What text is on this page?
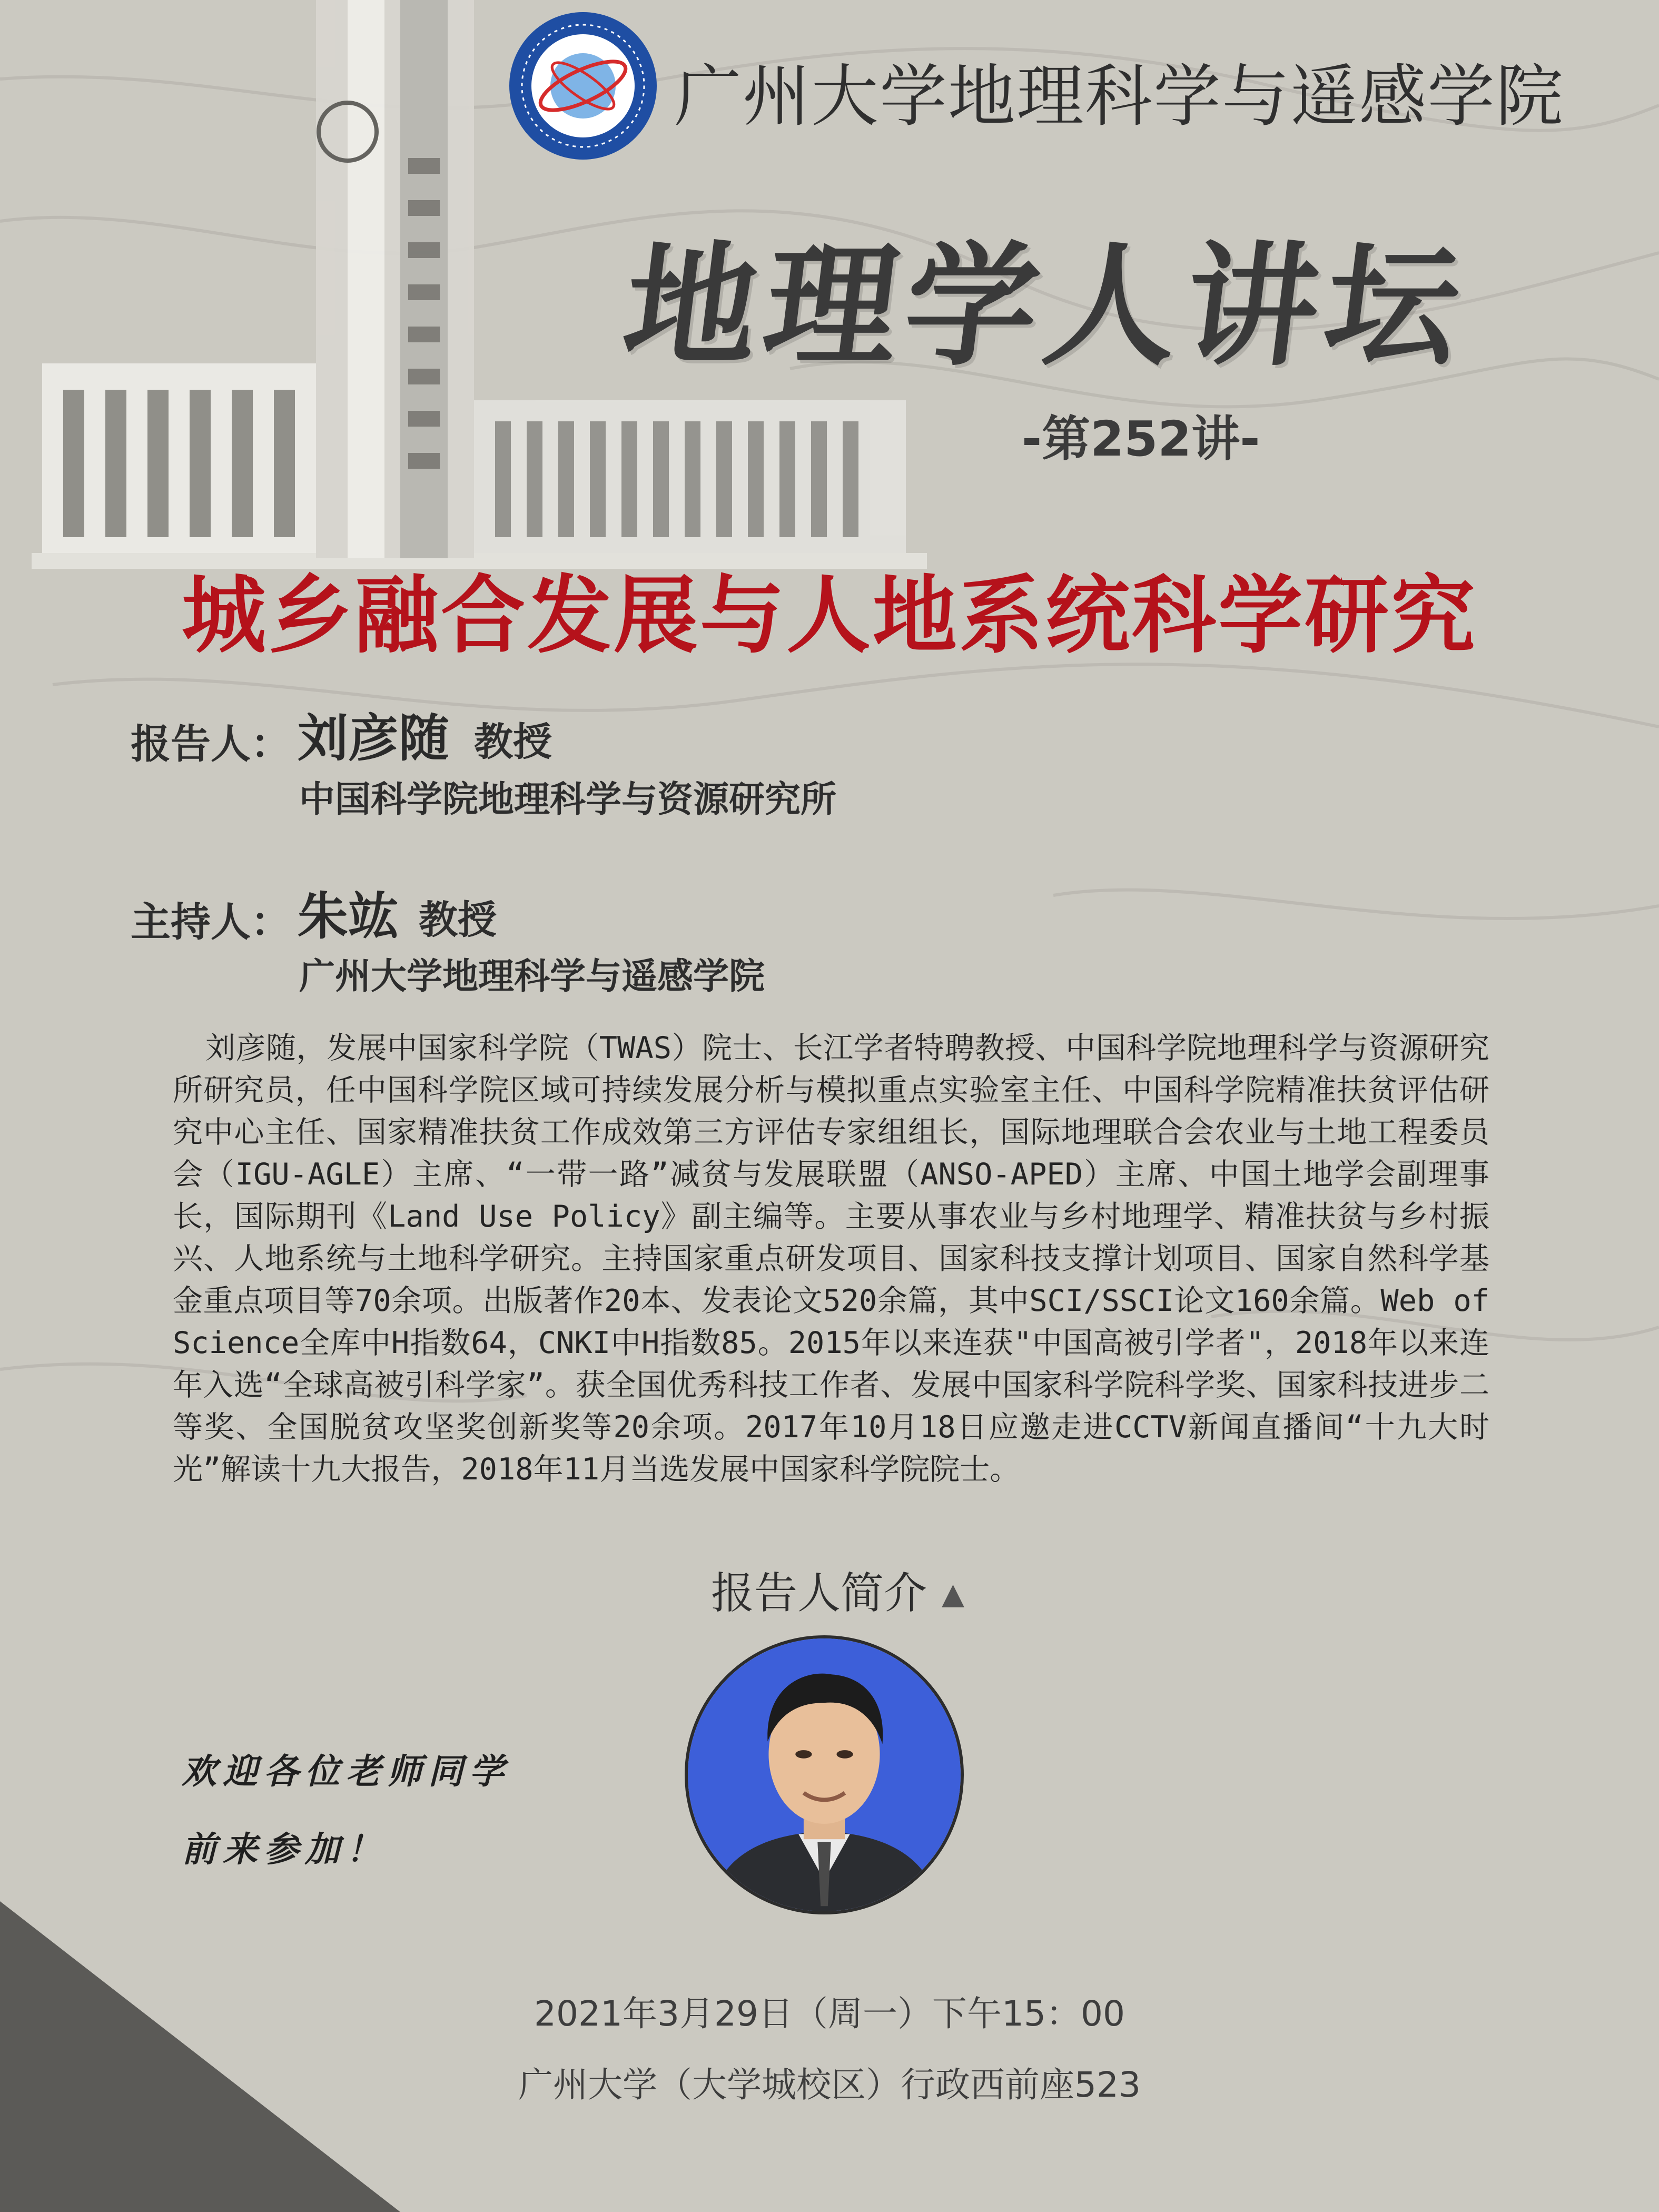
广州大学地理科学与遥感学院
地理学人讲坛
-第252讲-
城乡融合发展与人地系统科学研究
报告人： 刘彦随 教授
中国科学院地理科学与资源研究所
主持人： 朱竑 教授
广州大学地理科学与遥感学院
刘彦随，发展中国家科学院（TWAS）院士、长江学者特聘教授、中国科学院地理科学与资源研究所研究员，任中国科学院区域可持续发展分析与模拟重点实验室主任、中国科学院精准扶贫评估研究中心主任、国家精准扶贫工作成效第三方评估专家组组长，国际地理联合会农业与土地工程委员会（IGU-AGLE）主席、“一带一路”减贫与发展联盟（ANSO-APED）主席、中国土地学会副理事长，国际期刊《Land Use Policy》副主编等。主要从事农业与乡村地理学、精准扶贫与乡村振兴、人地系统与土地科学研究。主持国家重点研发项目、国家科技支撑计划项目、国家自然科学基金重点项目等70余项。出版著作20本、发表论文520余篇，其中SCI/SSCI论文160余篇。Web of Science全库中H指数64，CNKI中H指数85。2015年以来连获"中国高被引学者"，2018年以来连年入选“全球高被引科学家”。获全国优秀科技工作者、发展中国家科学院科学奖、国家科技进步二等奖、全国脱贫攻坚奖创新奖等20余项。2017年10月18日应邀走进CCTV新闻直播间“十九大时光”解读十九大报告，2018年11月当选发展中国家科学院院士。
报告人简介 ▲
欢迎各位老师同学
前来参加！
2021年3月29日（周一）下午15：00
广州大学（大学城校区）行政西前座523
